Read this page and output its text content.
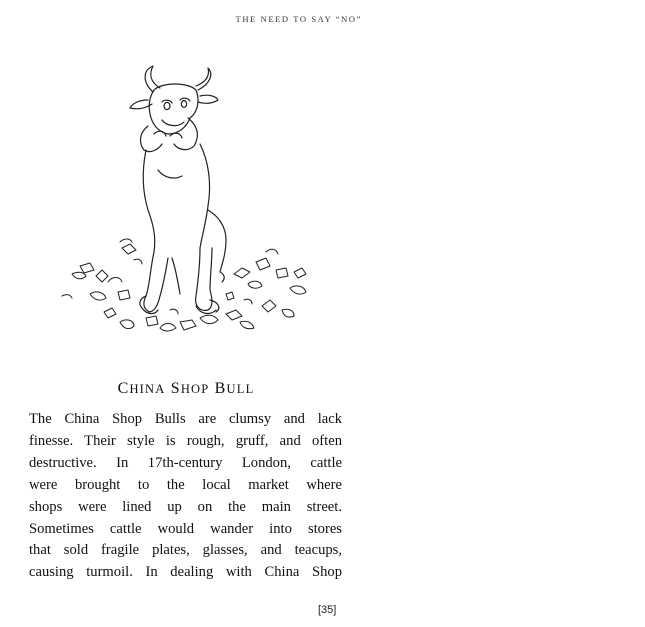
THE NEED TO SAY “NO”
CHINA SHOP BULL
The China Shop Bulls are clumsy and lack
finesse. Their style is rough, gruff, and often
destructive. In 17th-century London, cattle
were brought to the local market where
shops were lined up on the main street.
Sometimes cattle would wander into stores
that sold fragile plates, glasses, and teacups,
causing turmoil. In dealing with China Shop
[35]
